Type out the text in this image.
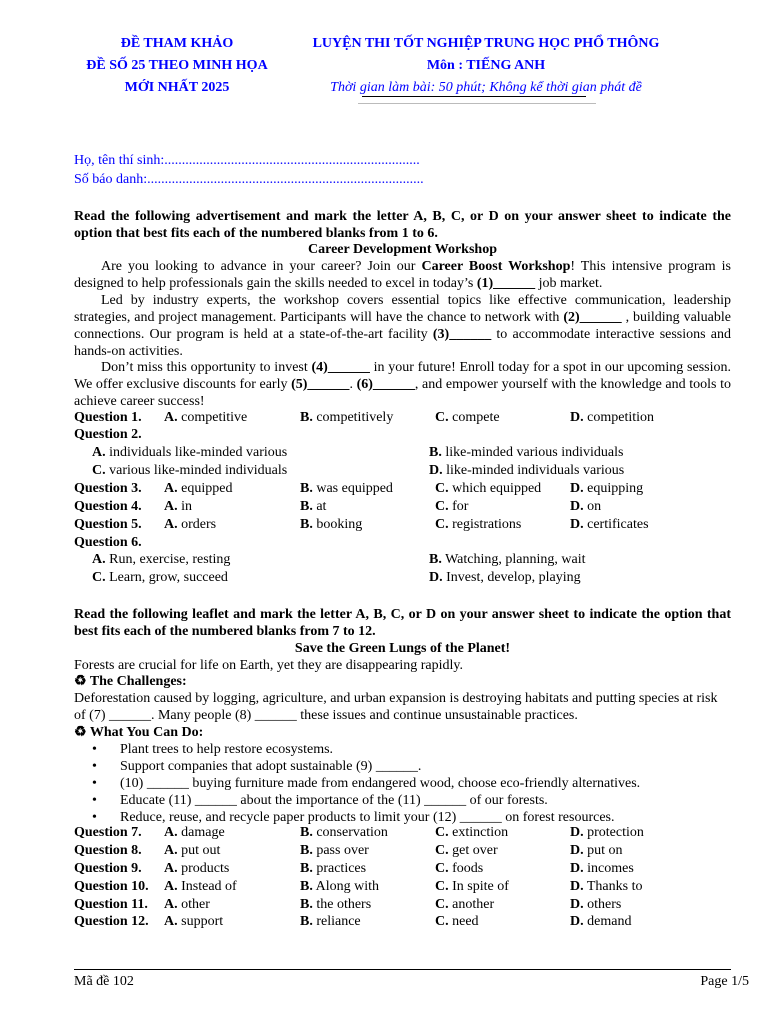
ĐỀ THAM KHẢO
ĐỀ SỐ 25 THEO MINH HỌA
MỚI NHẤT 2025
LUYỆN THI TỐT NGHIỆP TRUNG HỌC PHỔ THÔNG
Môn : TIẾNG ANH
Thời gian làm bài: 50 phút; Không kể thời gian phát đề
Họ, tên thí sinh:.........................................................................
Số báo danh:...............................................................................
Read the following advertisement and mark the letter A, B, C, or D on your answer sheet to indicate the option that best fits each of the numbered blanks from 1 to 6.
Career Development Workshop
Are you looking to advance in your career? Join our Career Boost Workshop! This intensive program is designed to help professionals gain the skills needed to excel in today’s (1)______ job market.
Led by industry experts, the workshop covers essential topics like effective communication, leadership strategies, and project management. Participants will have the chance to network with (2)______ , building valuable connections. Our program is held at a state-of-the-art facility (3)______ to accommodate interactive sessions and hands-on activities.
Don’t miss this opportunity to invest (4)______ in your future! Enroll today for a spot in our upcoming session. We offer exclusive discounts for early (5)______. (6)______, and empower yourself with the knowledge and tools to achieve career success!
Question 1. A. competitive	B. competitively	C. compete	D. competition
Question 2.
A. individuals like-minded various	B. like-minded various individuals
C. various like-minded individuals	D. like-minded individuals various
Question 3. A. equipped	B. was equipped	C. which equipped D. equipping
Question 4. A. in	B. at	C. for	D. on
Question 5. A. orders	B. booking	C. registrations	D. certificates
Question 6.
A. Run, exercise, resting	B. Watching, planning, wait
C. Learn, grow, succeed	D. Invest, develop, playing
Read the following leaflet and mark the letter A, B, C, or D on your answer sheet to indicate the option that best fits each of the numbered blanks from 7 to 12.
Save the Green Lungs of the Planet!
Forests are crucial for life on Earth, yet they are disappearing rapidly.
♻ The Challenges:
Deforestation caused by logging, agriculture, and urban expansion is destroying habitats and putting species at risk of (7) ______. Many people (8) ______ these issues and continue unsustainable practices.
♻ What You Can Do:
• Plant trees to help restore ecosystems.
• Support companies that adopt sustainable (9) ______.
• (10) ______ buying furniture made from endangered wood, choose eco-friendly alternatives.
• Educate (11) ______ about the importance of the (11) ______ of our forests.
• Reduce, reuse, and recycle paper products to limit your (12) ______ on forest resources.
Question 7. A. damage	B. conservation	C. extinction	D. protection
Question 8. A. put out	B. pass over	C. get over	D. put on
Question 9. A. products	B. practices	C. foods	D. incomes
Question 10. A. Instead of	B. Along with	C. In spite of	D. Thanks to
Question 11. A. other	B. the others	C. another	D. others
Question 12. A. support	B. reliance	C. need	D. demand
Mã đề 102	Page 1/5
